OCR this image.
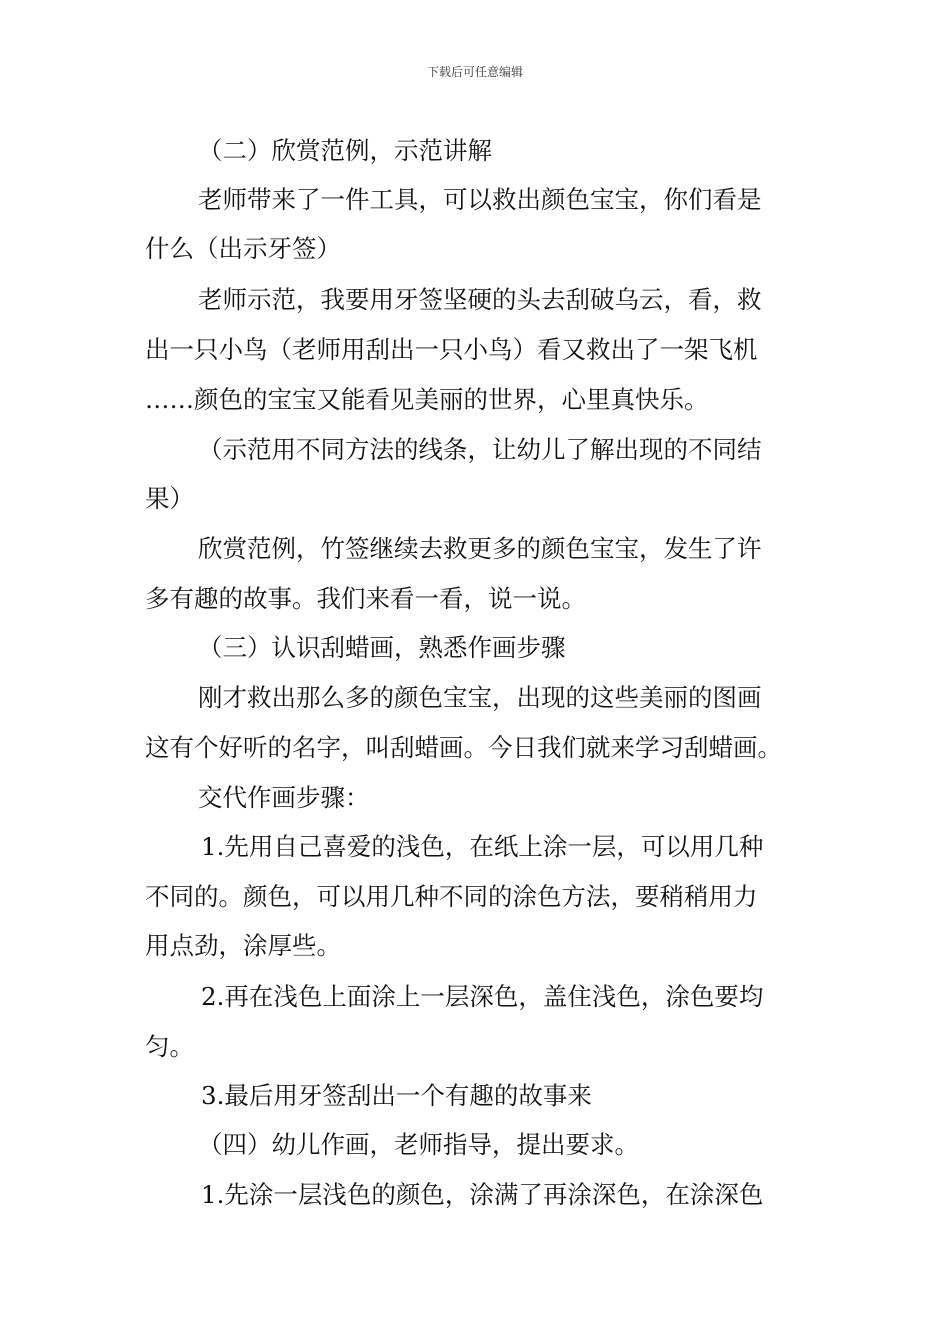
下载后可任意编辑
（二）欣赏范例，示范讲解
老师带来了一件工具，可以救出颜色宝宝，你们看是
什么（出示牙签）
老师示范，我要用牙签坚硬的头去刮破乌云，看，救
出一只小鸟（老师用刮出一只小鸟）看又救出了一架飞机
……颜色的宝宝又能看见美丽的世界，心里真快乐。
（示范用不同方法的线条，让幼儿了解出现的不同结
果）
欣赏范例，竹签继续去救更多的颜色宝宝，发生了许
多有趣的故事。我们来看一看，说一说。
（三）认识刮蜡画，熟悉作画步骤
刚才救出那么多的颜色宝宝，出现的这些美丽的图画
这有个好听的名字，叫刮蜡画。今日我们就来学习刮蜡画。
交代作画步骤：
1.先用自己喜爱的浅色，在纸上涂一层，可以用几种
不同的。颜色，可以用几种不同的涂色方法，要稍稍用力
用点劲，涂厚些。
2.再在浅色上面涂上一层深色，盖住浅色，涂色要均
匀。
3.最后用牙签刮出一个有趣的故事来
（四）幼儿作画，老师指导，提出要求。
1.先涂一层浅色的颜色，涂满了再涂深色，在涂深色
